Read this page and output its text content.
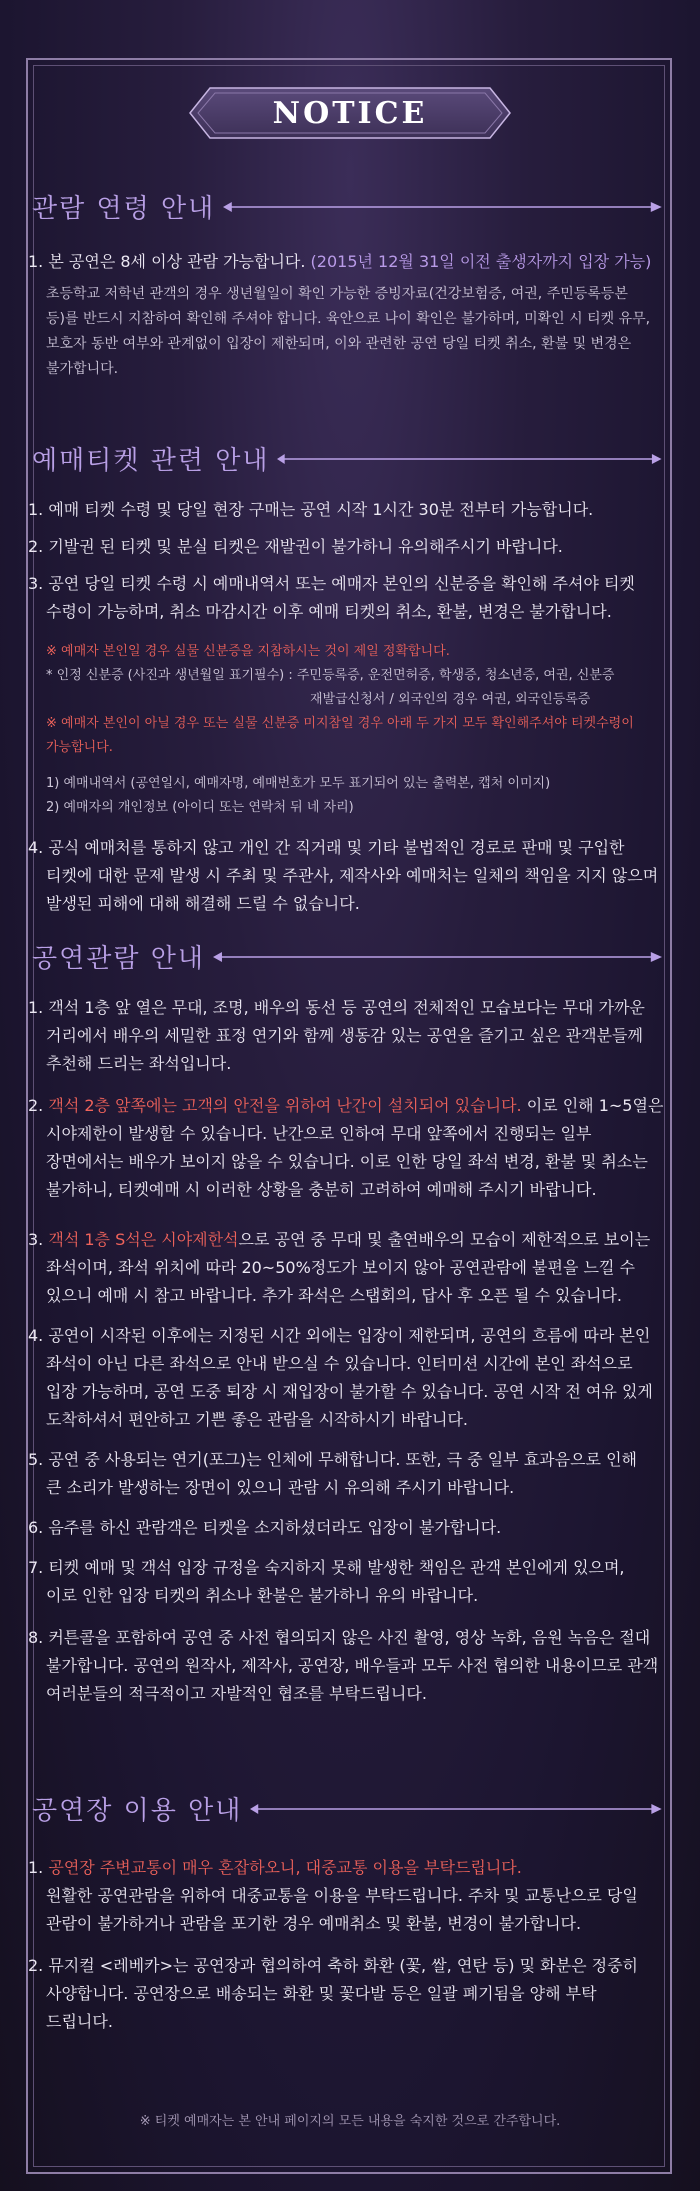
NOTICE
관람 연령 안내
1. 본 공연은 8세 이상 관람 가능합니다. (2015년 12월 31일 이전 출생자까지 입장 가능)
초등학교 저학년 관객의 경우 생년월일이 확인 가능한 증빙자료(건강보험증, 여권, 주민등록등본
등)를 반드시 지참하여 확인해 주셔야 합니다. 육안으로 나이 확인은 불가하며, 미확인 시 티켓 유무,
보호자 동반 여부와 관계없이 입장이 제한되며, 이와 관련한 공연 당일 티켓 취소, 환불 및 변경은
불가합니다.
예매티켓 관련 안내
1. 예매 티켓 수령 및 당일 현장 구매는 공연 시작 1시간 30분 전부터 가능합니다.
2. 기발권 된 티켓 및 분실 티켓은 재발권이 불가하니 유의해주시기 바랍니다.
3. 공연 당일 티켓 수령 시 예매내역서 또는 예매자 본인의 신분증을 확인해 주셔야 티켓
수령이 가능하며, 취소 마감시간 이후 예매 티켓의 취소, 환불, 변경은 불가합니다.
※ 예매자 본인일 경우 실물 신분증을 지참하시는 것이 제일 정확합니다.
* 인정 신분증 (사진과 생년월일 표기필수) : 주민등록증, 운전면허증, 학생증, 청소년증, 여권, 신분증
재발급신청서 / 외국인의 경우 여권, 외국인등록증
※ 예매자 본인이 아닐 경우 또는 실물 신분증 미지참일 경우 아래 두 가지 모두 확인해주셔야 티켓수령이
가능합니다.
1) 예매내역서 (공연일시, 예매자명, 예매번호가 모두 표기되어 있는 출력본, 캡처 이미지)
2) 예매자의 개인정보 (아이디 또는 연락처 뒤 네 자리)
4. 공식 예매처를 통하지 않고 개인 간 직거래 및 기타 불법적인 경로로 판매 및 구입한
티켓에 대한 문제 발생 시 주최 및 주관사, 제작사와 예매처는 일체의 책임을 지지 않으며
발생된 피해에 대해 해결해 드릴 수 없습니다.
공연관람 안내
1. 객석 1층 앞 열은 무대, 조명, 배우의 동선 등 공연의 전체적인 모습보다는 무대 가까운
거리에서 배우의 세밀한 표정 연기와 함께 생동감 있는 공연을 즐기고 싶은 관객분들께
추천해 드리는 좌석입니다.
2. 객석 2층 앞쪽에는 고객의 안전을 위하여 난간이 설치되어 있습니다. 이로 인해 1~5열은
시야제한이 발생할 수 있습니다. 난간으로 인하여 무대 앞쪽에서 진행되는 일부
장면에서는 배우가 보이지 않을 수 있습니다. 이로 인한 당일 좌석 변경, 환불 및 취소는
불가하니, 티켓예매 시 이러한 상황을 충분히 고려하여 예매해 주시기 바랍니다.
3. 객석 1층 S석은 시야제한석으로 공연 중 무대 및 출연배우의 모습이 제한적으로 보이는
좌석이며, 좌석 위치에 따라 20~50%정도가 보이지 않아 공연관람에 불편을 느낄 수
있으니 예매 시 참고 바랍니다. 추가 좌석은 스탭회의, 답사 후 오픈 될 수 있습니다.
4. 공연이 시작된 이후에는 지정된 시간 외에는 입장이 제한되며, 공연의 흐름에 따라 본인
좌석이 아닌 다른 좌석으로 안내 받으실 수 있습니다. 인터미션 시간에 본인 좌석으로
입장 가능하며, 공연 도중 퇴장 시 재입장이 불가할 수 있습니다. 공연 시작 전 여유 있게
도착하셔서 편안하고 기쁜 좋은 관람을 시작하시기 바랍니다.
5. 공연 중 사용되는 연기(포그)는 인체에 무해합니다. 또한, 극 중 일부 효과음으로 인해
큰 소리가 발생하는 장면이 있으니 관람 시 유의해 주시기 바랍니다.
6. 음주를 하신 관람객은 티켓을 소지하셨더라도 입장이 불가합니다.
7. 티켓 예매 및 객석 입장 규정을 숙지하지 못해 발생한 책임은 관객 본인에게 있으며,
이로 인한 입장 티켓의 취소나 환불은 불가하니 유의 바랍니다.
8. 커튼콜을 포함하여 공연 중 사전 협의되지 않은 사진 촬영, 영상 녹화, 음원 녹음은 절대
불가합니다. 공연의 원작사, 제작사, 공연장, 배우들과 모두 사전 협의한 내용이므로 관객
여러분들의 적극적이고 자발적인 협조를 부탁드립니다.
공연장 이용 안내
1. 공연장 주변교통이 매우 혼잡하오니, 대중교통 이용을 부탁드립니다.
원활한 공연관람을 위하여 대중교통을 이용을 부탁드립니다. 주차 및 교통난으로 당일
관람이 불가하거나 관람을 포기한 경우 예매취소 및 환불, 변경이 불가합니다.
2. 뮤지컬 <레베카>는 공연장과 협의하여 축하 화환 (꽃, 쌀, 연탄 등) 및 화분은 정중히
사양합니다. 공연장으로 배송되는 화환 및 꽃다발 등은 일괄 폐기됨을 양해 부탁
드립니다.
※ 티켓 예매자는 본 안내 페이지의 모든 내용을 숙지한 것으로 간주합니다.
